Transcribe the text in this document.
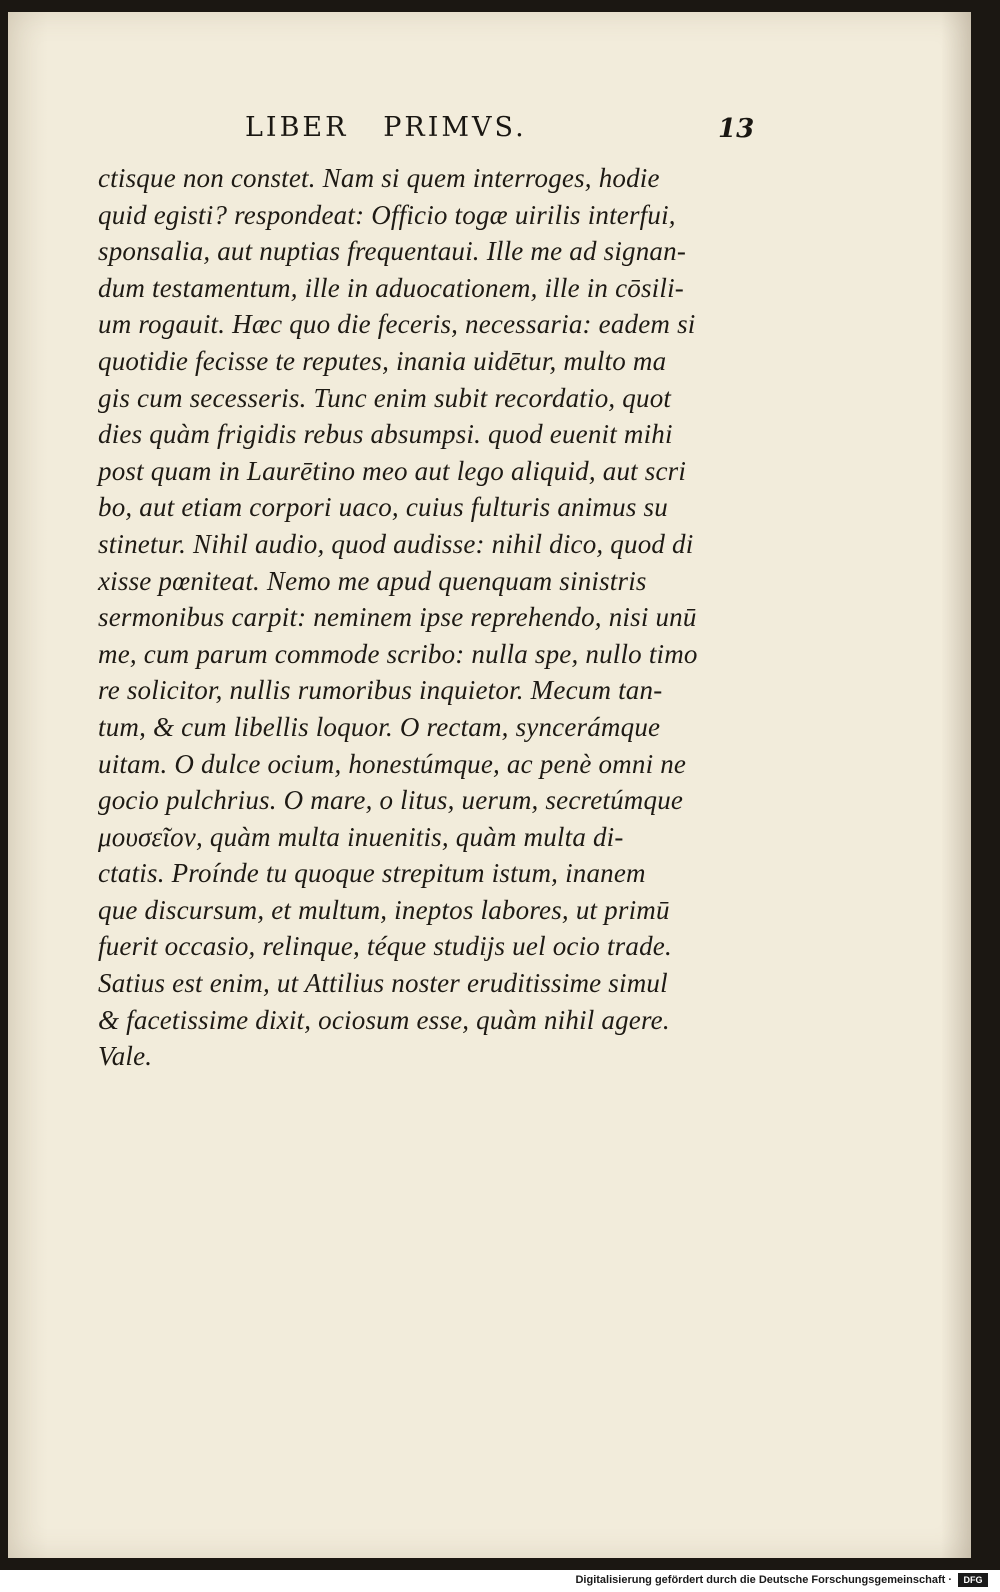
LIBER   PRIMVS.	13
ctisque non constet. Nam si quem interroges, hodie
quid egisti? respondeat: Officio togæ uirilis interfui,
sponsalia, aut nuptias frequentaui. Ille me ad signan-
dum testamentum, ille in aduocationem, ille in cōsili-
um rogauit. Hæc quo die feceris, necessaria: eadem si
quotidie fecisse te reputes, inania uidētur, multo ma
gis cum secesseris. Tunc enim subit recordatio, quot
dies quàm frigidis rebus absumpsi. quod euenit mihi
post quam in Laurētino meo aut lego aliquid, aut scri
bo, aut etiam corpori uaco, cuius fulturis animus su
stinetur. Nihil audio, quod audisse: nihil dico, quod di
xisse pœniteat. Nemo me apud quenquam sinistris
sermonibus carpit: neminem ipse reprehendo, nisi unū
me, cum parum commode scribo: nulla spe, nullo timo
re solicitor, nullis rumoribus inquietor. Mecum tan-
tum, & cum libellis loquor. O rectam, syncerámque
uitam. O dulce ocium, honestúmque, ac penè omni ne
gocio pulchrius. O mare, o litus, uerum, secretúmque
μουσεῖον, quàm multa inuenitis, quàm multa di-
ctatis. Proínde tu quoque strepitum istum, inanem
que discursum, et multum, ineptos labores, ut primū
fuerit occasio, relinque, téque studijs uel ocio trade.
Satius est enim, ut Attilius noster eruditissime simul
& facetissime dixit, ociosum esse, quàm nihil agere.
Vale.
Digitalisierung gefördert durch die Deutsche Forschungsgemeinschaft ·	DFG
